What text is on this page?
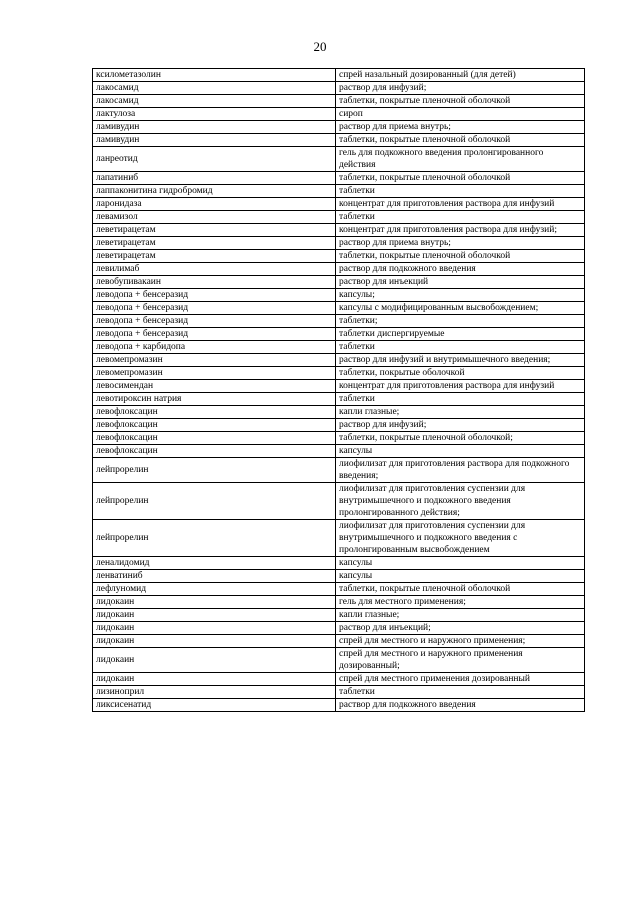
20
ксилометазолин	спрей назальный дозированный (для детей)
лакосамид	раствор для инфузий;
лакосамид	таблетки, покрытые пленочной оболочкой
лактулоза	сироп
ламивудин	раствор для приема внутрь;
ламивудин	таблетки, покрытые пленочной оболочкой
ланреотид	гель для подкожного введения пролонгированного действия
лапатиниб	таблетки, покрытые пленочной оболочкой
лаппаконитина гидробромид	таблетки
ларонидаза	концентрат для приготовления раствора для инфузий
левамизол	таблетки
леветирацетам	концентрат для приготовления раствора для инфузий;
леветирацетам	раствор для приема внутрь;
леветирацетам	таблетки, покрытые пленочной оболочкой
левилимаб	раствор для подкожного введения
левобупивакаин	раствор для инъекций
леводопа + бенсеразид	капсулы;
леводопа + бенсеразид	капсулы с модифицированным высвобождением;
леводопа + бенсеразид	таблетки;
леводопа + бенсеразид	таблетки диспергируемые
леводопа + карбидопа	таблетки
левомепромазин	раствор для инфузий и внутримышечного введения;
левомепромазин	таблетки, покрытые оболочкой
левосимендан	концентрат для приготовления раствора для инфузий
левотироксин натрия	таблетки
левофлоксацин	капли глазные;
левофлоксацин	раствор для инфузий;
левофлоксацин	таблетки, покрытые пленочной оболочкой;
левофлоксацин	капсулы
лейпрорелин	лиофилизат для приготовления раствора для подкожного введения;
лейпрорелин	лиофилизат для приготовления суспензии для внутримышечного и подкожного введения пролонгированного действия;
лейпрорелин	лиофилизат для приготовления суспензии для внутримышечного и подкожного введения с пролонгированным высвобождением
леналидомид	капсулы
ленватиниб	капсулы
лефлуномид	таблетки, покрытые пленочной оболочкой
лидокаин	гель для местного применения;
лидокаин	капли глазные;
лидокаин	раствор для инъекций;
лидокаин	спрей для местного и наружного применения;
лидокаин	спрей для местного и наружного применения дозированный;
лидокаин	спрей для местного применения дозированный
лизиноприл	таблетки
ликсисенатид	раствор для подкожного введения
